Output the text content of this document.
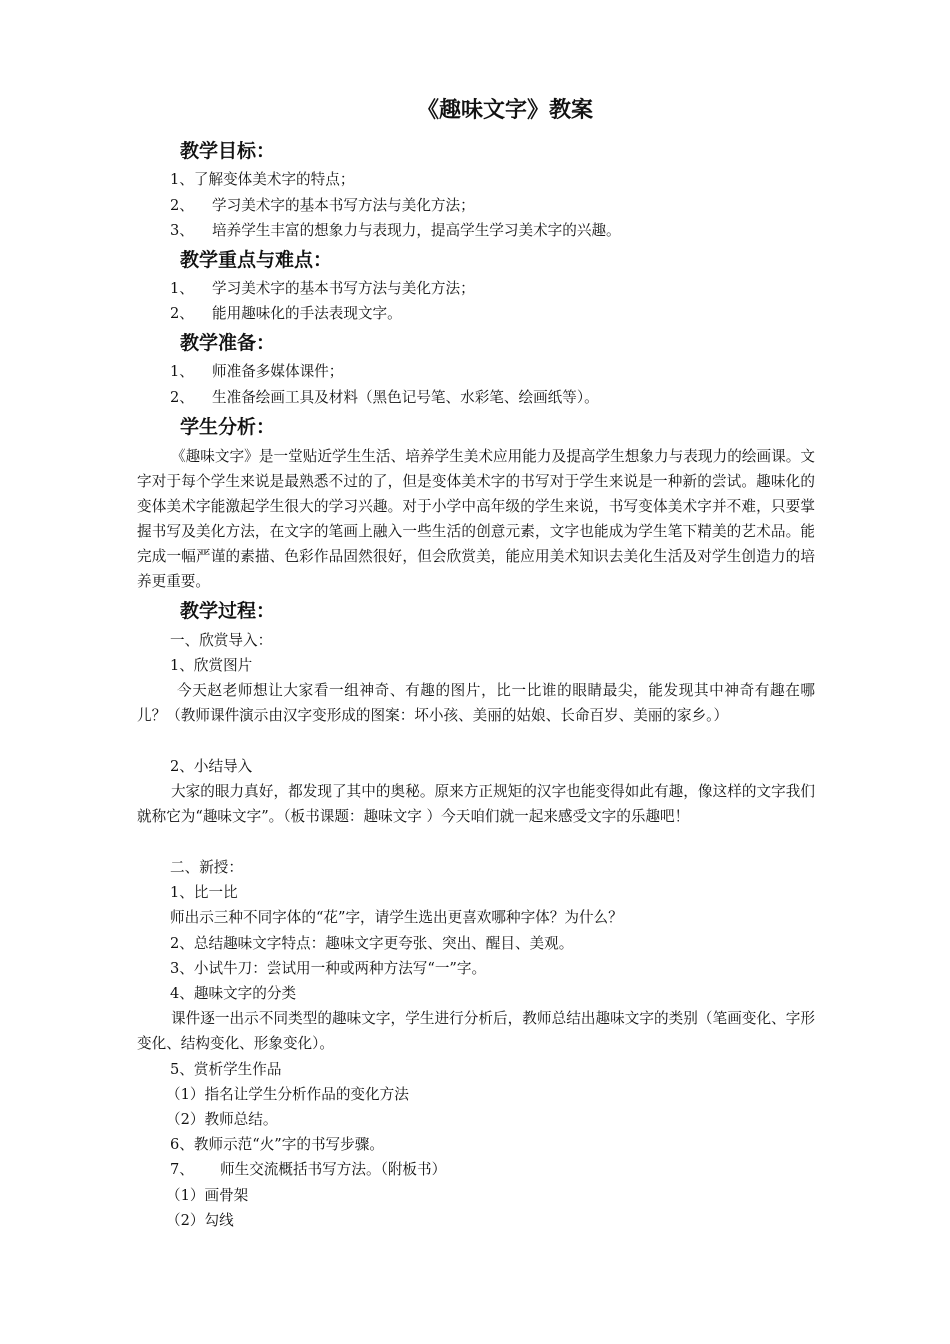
《趣味文字》教案
教学目标：
1、了解变体美术字的特点；
2、 学习美术字的基本书写方法与美化方法；
3、 培养学生丰富的想象力与表现力，提高学生学习美术字的兴趣。
教学重点与难点：
1、 学习美术字的基本书写方法与美化方法；
2、 能用趣味化的手法表现文字。
教学准备：
1、 师准备多媒体课件；
2、 生准备绘画工具及材料（黑色记号笔、水彩笔、绘画纸等）。
学生分析：
《趣味文字》是一堂贴近学生生活、培养学生美术应用能力及提高学生想象力与表现力的绘画课。文字对于每个学生来说是最熟悉不过的了，但是变体美术字的书写对于学生来说是一种新的尝试。趣味化的变体美术字能激起学生很大的学习兴趣。对于小学中高年级的学生来说，书写变体美术字并不难，只要掌握书写及美化方法，在文字的笔画上融入一些生活的创意元素，文字也能成为学生笔下精美的艺术品。能完成一幅严谨的素描、色彩作品固然很好，但会欣赏美，能应用美术知识去美化生活及对学生创造力的培养更重要。
教学过程：
一、欣赏导入：
1、欣赏图片
今天赵老师想让大家看一组神奇、有趣的图片，比一比谁的眼睛最尖，能发现其中神奇有趣在哪儿？（教师课件演示由汉字变形成的图案：坏小孩、美丽的姑娘、长命百岁、美丽的家乡。）
2、小结导入
大家的眼力真好，都发现了其中的奥秘。原来方正规矩的汉字也能变得如此有趣，像这样的文字我们就称它为“趣味文字”。（板书课题：趣味文字 ）今天咱们就一起来感受文字的乐趣吧！
二、新授：
1、比一比
师出示三种不同字体的“花”字，请学生选出更喜欢哪种字体？为什么？
2、总结趣味文字特点：趣味文字更夸张、突出、醒目、美观。
3、小试牛刀：尝试用一种或两种方法写“一”字。
4、趣味文字的分类
课件逐一出示不同类型的趣味文字，学生进行分析后，教师总结出趣味文字的类别（笔画变化、字形变化、结构变化、形象变化）。
5、赏析学生作品
（1）指名让学生分析作品的变化方法
（2）教师总结。
6、教师示范“火”字的书写步骤。
7、 师生交流概括书写方法。（附板书）
（1）画骨架
（2）勾线
